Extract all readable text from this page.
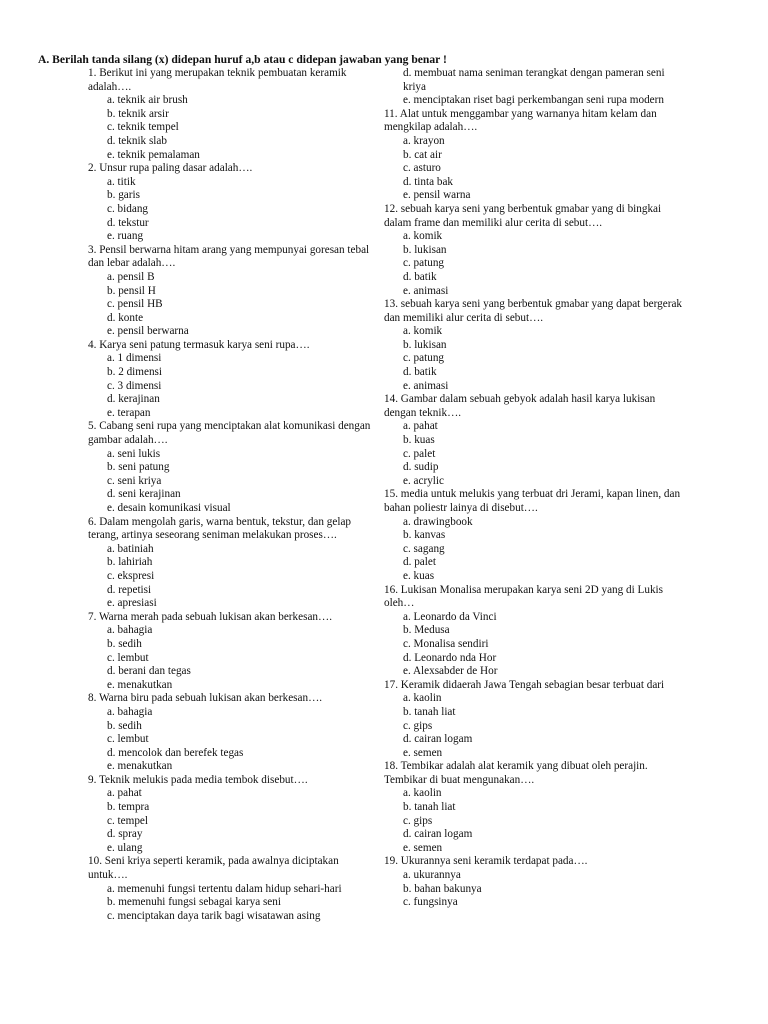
A. Berilah tanda silang (x) didepan huruf a,b atau c didepan jawaban yang benar !
1. Berikut ini yang merupakan teknik pembuatan keramik adalah….
a. teknik air brush
b. teknik arsir
c. teknik tempel
d. teknik slab
e. teknik pemalaman
2. Unsur rupa paling dasar adalah….
a. titik
b. garis
c. bidang
d. tekstur
e. ruang
3. Pensil berwarna hitam arang yang mempunyai goresan tebal dan lebar adalah….
a. pensil B
b. pensil H
c. pensil HB
d. konte
e. pensil berwarna
4. Karya seni patung termasuk karya seni rupa….
a. 1 dimensi
b. 2 dimensi
c. 3 dimensi
d. kerajinan
e. terapan
5. Cabang seni rupa yang menciptakan alat komunikasi dengan gambar adalah….
a. seni lukis
b. seni patung
c. seni kriya
d. seni kerajinan
e. desain komunikasi visual
6. Dalam mengolah garis, warna bentuk, tekstur, dan gelap terang, artinya seseorang seniman melakukan proses….
a. batiniah
b. lahiriah
c. ekspresi
d. repetisi
e. apresiasi
7. Warna merah pada sebuah lukisan akan berkesan….
a. bahagia
b. sedih
c. lembut
d. berani dan tegas
e. menakutkan
8. Warna biru pada sebuah lukisan akan berkesan….
a. bahagia
b. sedih
c. lembut
d. mencolok dan berefek tegas
e. menakutkan
9. Teknik melukis pada media tembok disebut….
a. pahat
b. tempra
c. tempel
d. spray
e. ulang
10. Seni kriya seperti keramik, pada awalnya diciptakan untuk….
a. memenuhi fungsi tertentu dalam hidup sehari-hari
b. memenuhi fungsi sebagai karya seni
c. menciptakan daya tarik bagi wisatawan asing
d. membuat nama seniman terangkat dengan pameran seni kriya
e. menciptakan riset bagi perkembangan seni rupa modern
11. Alat untuk menggambar yang warnanya hitam kelam dan mengkilap adalah….
a. krayon
b. cat air
c. asturo
d. tinta bak
e. pensil warna
12. sebuah karya seni yang berbentuk gmabar yang di bingkai dalam frame dan memiliki alur cerita di sebut….
a. komik
b. lukisan
c. patung
d. batik
e. animasi
13. sebuah karya seni yang berbentuk gmabar yang dapat bergerak dan memiliki alur cerita di sebut….
a. komik
b. lukisan
c. patung
d. batik
e. animasi
14. Gambar dalam sebuah gebyok adalah hasil karya lukisan dengan teknik….
a. pahat
b. kuas
c. palet
d. sudip
e. acrylic
15. media untuk melukis yang terbuat dri Jerami, kapan linen, dan bahan poliestr lainya di disebut….
a. drawingbook
b. kanvas
c. sagang
d. palet
e. kuas
16. Lukisan Monalisa merupakan karya seni 2D yang di Lukis oleh…
a. Leonardo da Vinci
b. Medusa
c. Monalisa sendiri
d. Leonardo nda Hor
e. Alexsabder de Hor
17. Keramik didaerah Jawa Tengah sebagian besar terbuat dari
a. kaolin
b. tanah liat
c. gips
d. cairan logam
e. semen
18. Tembikar adalah alat keramik yang dibuat oleh perajin. Tembikar di buat mengunakan….
a. kaolin
b. tanah liat
c. gips
d. cairan logam
e. semen
19. Ukurannya seni keramik terdapat pada….
a. ukurannya
b. bahan bakunya
c. fungsinya
